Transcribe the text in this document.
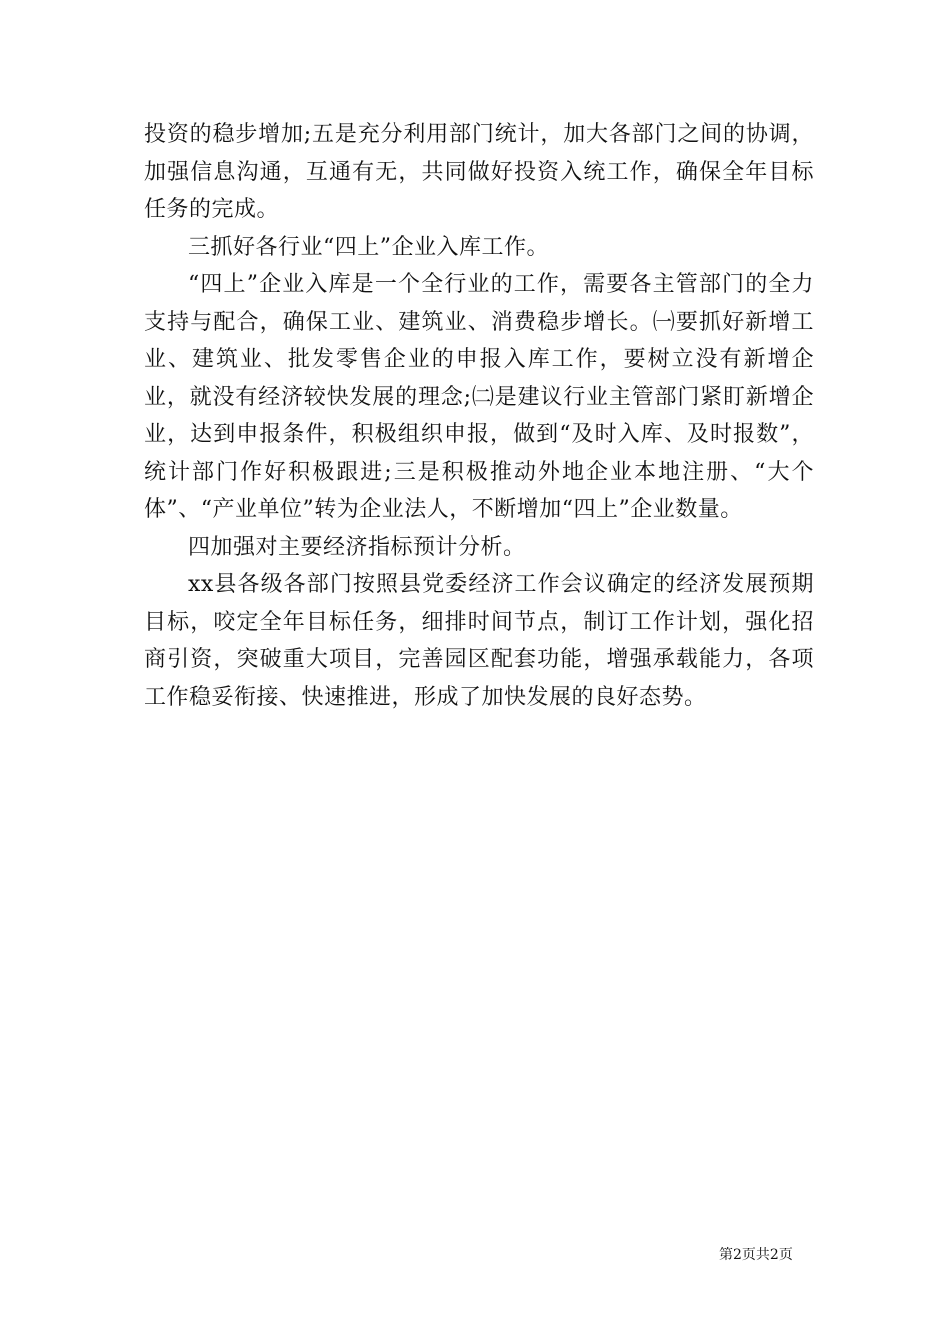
投资的稳步增加;五是充分利用部门统计，加大各部门之间的协调，加强信息沟通，互通有无，共同做好投资入统工作，确保全年目标任务的完成。

三抓好各行业“四上”企业入库工作。

“四上”企业入库是一个全行业的工作，需要各主管部门的全力支持与配合，确保工业、建筑业、消费稳步增长。㈠要抓好新增工业、建筑业、批发零售企业的申报入库工作，要树立没有新增企业，就没有经济较快发展的理念;㈡是建议行业主管部门紧盯新增企业，达到申报条件，积极组织申报，做到“及时入库、及时报数”，统计部门作好积极跟进;三是积极推动外地企业本地注册、“大个体”、“产业单位”转为企业法人，不断增加“四上”企业数量。

四加强对主要经济指标预计分析。

xx县各级各部门按照县党委经济工作会议确定的经济发展预期目标，咬定全年目标任务，细排时间节点，制订工作计划，强化招商引资，突破重大项目，完善园区配套功能，增强承载能力，各项工作稳妥衔接、快速推进，形成了加快发展的良好态势。

第2页共2页
